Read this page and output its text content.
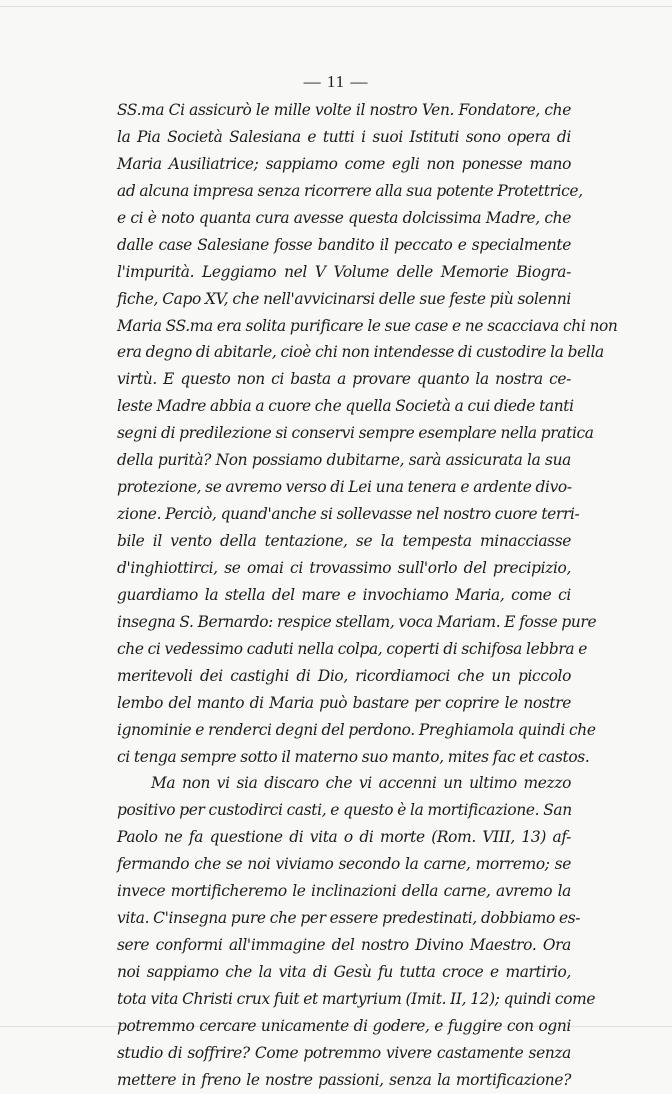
— 11 —
SS.ma Ci assicurò le mille volte il nostro Ven. Fondatore, che
la Pia Società Salesiana e tutti i suoi Istituti sono opera di
Maria Ausiliatrice; sappiamo come egli non ponesse mano
ad alcuna impresa senza ricorrere alla sua potente Protettrice,
e ci è noto quanta cura avesse questa dolcissima Madre, che
dalle case Salesiane fosse bandito il peccato e specialmente
l'impurità. Leggiamo nel V Volume delle Memorie Biogra-
fiche, Capo XV, che nell'avvicinarsi delle sue feste più solenni
Maria SS.ma era solita purificare le sue case e ne scacciava chi non
era degno di abitarle, cioè chi non intendesse di custodire la bella
virtù. E questo non ci basta a provare quanto la nostra ce-
leste Madre abbia a cuore che quella Società a cui diede tanti
segni di predilezione si conservi sempre esemplare nella pratica
della purità? Non possiamo dubitarne, sarà assicurata la sua
protezione, se avremo verso di Lei una tenera e ardente divo-
zione. Perciò, quand'anche si sollevasse nel nostro cuore terri-
bile il vento della tentazione, se la tempesta minacciasse
d'inghiottirci, se omai ci trovassimo sull'orlo del precipizio,
guardiamo la stella del mare e invochiamo Maria, come ci
insegna S. Bernardo: respice stellam, voca Mariam. E fosse pure
che ci vedessimo caduti nella colpa, coperti di schifosa lebbra e
meritevoli dei castighi di Dio, ricordiamoci che un piccolo
lembo del manto di Maria può bastare per coprire le nostre
ignominie e renderci degni del perdono. Preghiamola quindi che
ci tenga sempre sotto il materno suo manto, mites fac et castos.
Ma non vi sia discaro che vi accenni un ultimo mezzo
positivo per custodirci casti, e questo è la mortificazione. San
Paolo ne fa questione di vita o di morte (Rom. VIII, 13) af-
fermando che se noi viviamo secondo la carne, morremo; se
invece mortificheremo le inclinazioni della carne, avremo la
vita. C'insegna pure che per essere predestinati, dobbiamo es-
sere conformi all'immagine del nostro Divino Maestro. Ora
noi sappiamo che la vita di Gesù fu tutta croce e martirio,
tota vita Christi crux fuit et martyrium (Imit. II, 12); quindi come
potremmo cercare unicamente di godere, e fuggire con ogni
studio di soffrire? Come potremmo vivere castamente senza
mettere in freno le nostre passioni, senza la mortificazione?
